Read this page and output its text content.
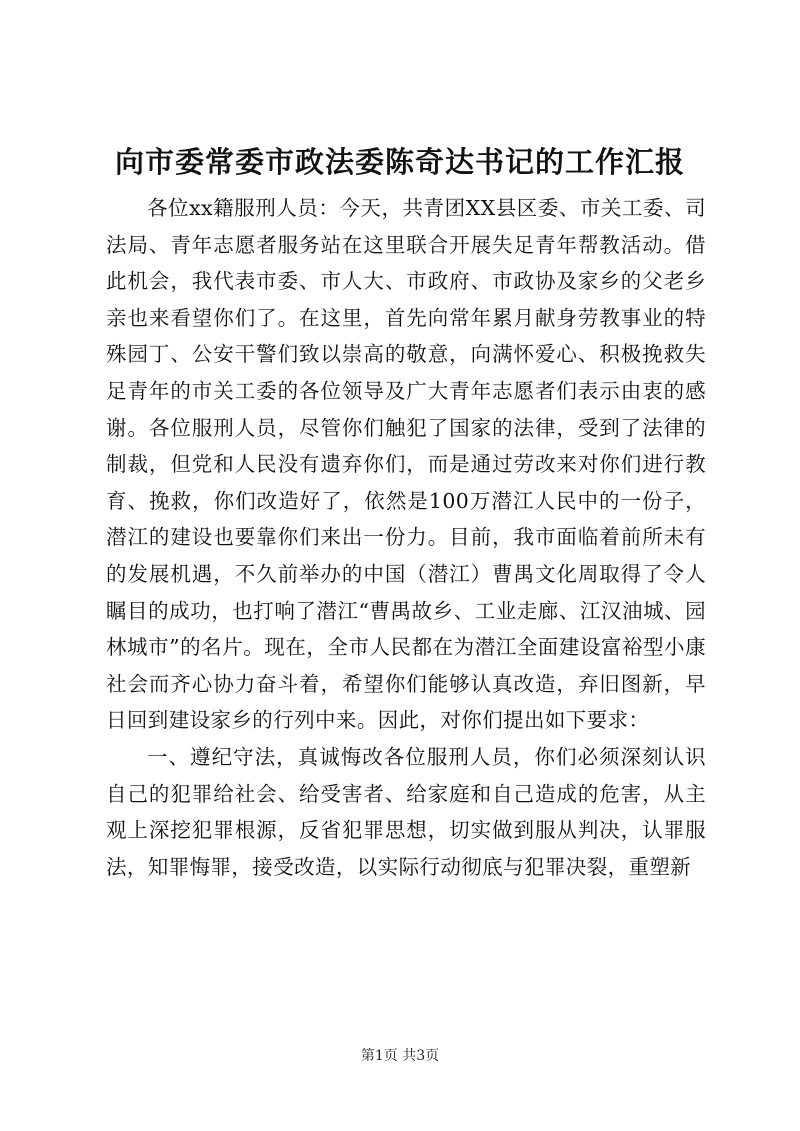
向市委常委市政法委陈奇达书记的工作汇报

各位xx籍服刑人员：今天，共青团XX县区委、市关工委、司法局、青年志愿者服务站在这里联合开展失足青年帮教活动。借此机会，我代表市委、市人大、市政府、市政协及家乡的父老乡亲也来看望你们了。在这里，首先向常年累月献身劳教事业的特殊园丁、公安干警们致以崇高的敬意，向满怀爱心、积极挽救失足青年的市关工委的各位领导及广大青年志愿者们表示由衷的感谢。各位服刑人员，尽管你们触犯了国家的法律，受到了法律的制裁，但党和人民没有遗弃你们，而是通过劳改来对你们进行教育、挽救，你们改造好了，依然是100万潜江人民中的一份子，潜江的建设也要靠你们来出一份力。目前，我市面临着前所未有的发展机遇，不久前举办的中国（潜江）曹禺文化周取得了令人瞩目的成功，也打响了潜江“曹禺故乡、工业走廊、江汉油城、园林城市”的名片。现在，全市人民都在为潜江全面建设富裕型小康社会而齐心协力奋斗着，希望你们能够认真改造，弃旧图新，早日回到建设家乡的行列中来。因此，对你们提出如下要求：

一、遵纪守法，真诚悔改各位服刑人员，你们必须深刻认识自己的犯罪给社会、给受害者、给家庭和自己造成的危害，从主观上深挖犯罪根源，反省犯罪思想，切实做到服从判决，认罪服法，知罪悔罪，接受改造，以实际行动彻底与犯罪决裂，重塑新

第1页 共3页
